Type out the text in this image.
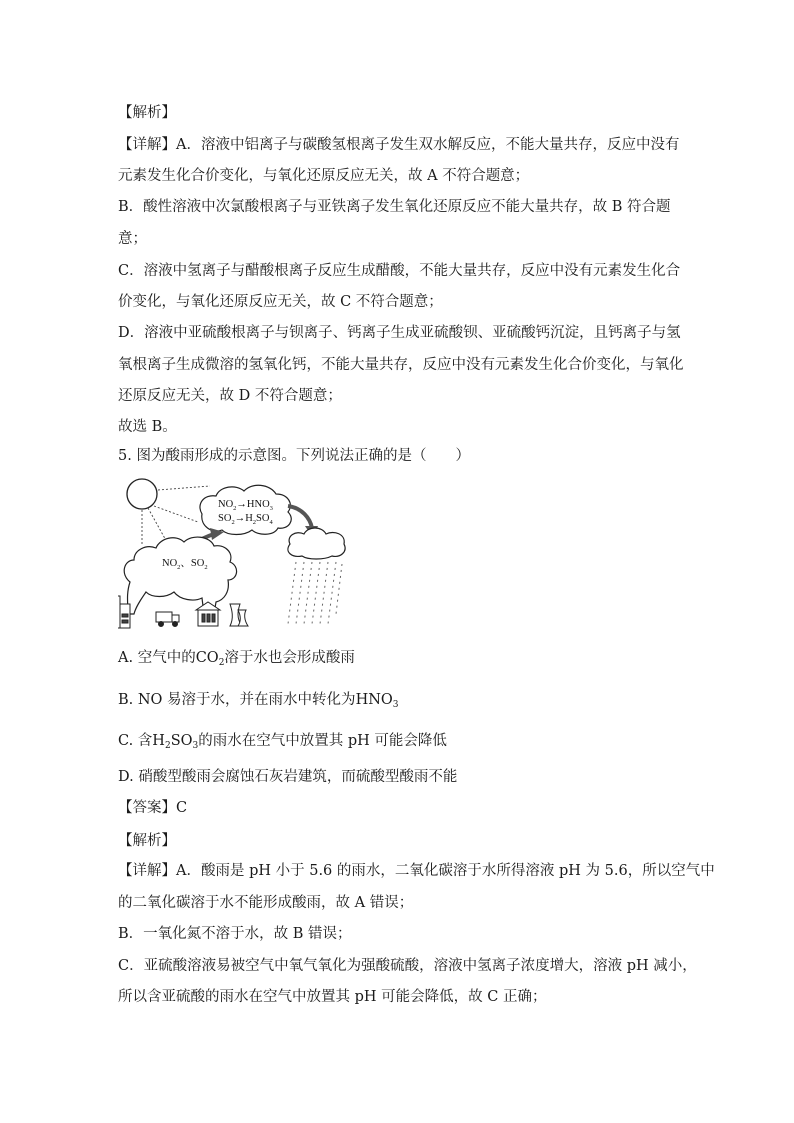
【解析】
【详解】A．溶液中铝离子与碳酸氢根离子发生双水解反应，不能大量共存，反应中没有
元素发生化合价变化，与氧化还原反应无关，故 A 不符合题意；
B．酸性溶液中次氯酸根离子与亚铁离子发生氧化还原反应不能大量共存，故 B 符合题
意；
C．溶液中氢离子与醋酸根离子反应生成醋酸，不能大量共存，反应中没有元素发生化合
价变化，与氧化还原反应无关，故 C 不符合题意；
D．溶液中亚硫酸根离子与钡离子、钙离子生成亚硫酸钡、亚硫酸钙沉淀，且钙离子与氢
氧根离子生成微溶的氢氧化钙，不能大量共存，反应中没有元素发生化合价变化，与氧化
还原反应无关，故 D 不符合题意；
故选 B。
5. 图为酸雨形成的示意图。下列说法正确的是（　　）
$NO_2\to HNO_3$
$SO_2\to H_2SO_4$
$NO_2$、$SO_2$
A. 空气中的$CO_2$溶于水也会形成酸雨
B. NO 易溶于水，并在雨水中转化为$HNO_3$
C. 含$H_2SO_3$的雨水在空气中放置其 pH 可能会降低
D. 硝酸型酸雨会腐蚀石灰岩建筑，而硫酸型酸雨不能
【答案】C
【解析】
【详解】A．酸雨是 pH 小于 5.6 的雨水，二氧化碳溶于水所得溶液 pH 为 5.6，所以空气中
的二氧化碳溶于水不能形成酸雨，故 A 错误；
B．一氧化氮不溶于水，故 B 错误；
C．亚硫酸溶液易被空气中氧气氧化为强酸硫酸，溶液中氢离子浓度增大，溶液 pH 减小，
所以含亚硫酸的雨水在空气中放置其 pH 可能会降低，故 C 正确；
